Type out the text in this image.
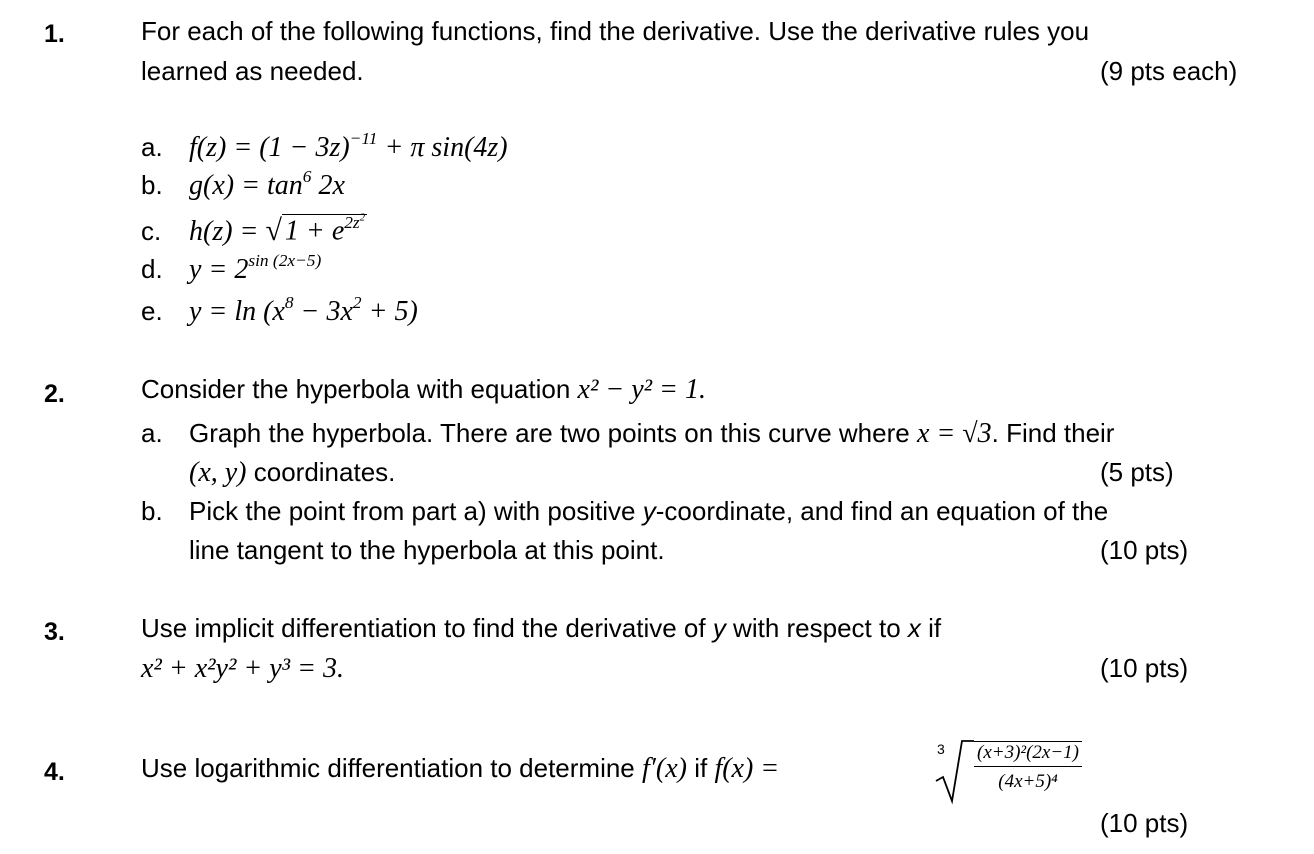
1.	For each of the following functions, find the derivative. Use the derivative rules you
learned as needed.	(9 pts each)
a. $f(z) = (1 - 3z)^{-11} + \pi$ sin(4z)
b. $g(x) = \tan^6 2x$
c. h(z) = √ $1 + e^{2z^2}$
d. $y = 2^{sin (2x-5)}$
e. $y = \ln (x^8 - 3x^2 + 5)$
2.	Consider the hyperbola with equation x² − y² = 1.
a. Graph the hyperbola. There are two points on this curve where x = √3. Find their
(x, y) coordinates.	(5 pts)
b. Pick the point from part a) with positive y-coordinate, and find an equation of the
line tangent to the hyperbola at this point.	(10 pts)
3.	Use implicit differentiation to find the derivative of y with respect to x if
x² + x²y² + y³ = 3.	(10 pts)
4.	Use logarithmic differentiation to determine f′(x) if f(x) =
$3 \frac{\text{(x+3)²(2x−1)}}{\text{(4x+5)⁴}}$
(10 pts)
